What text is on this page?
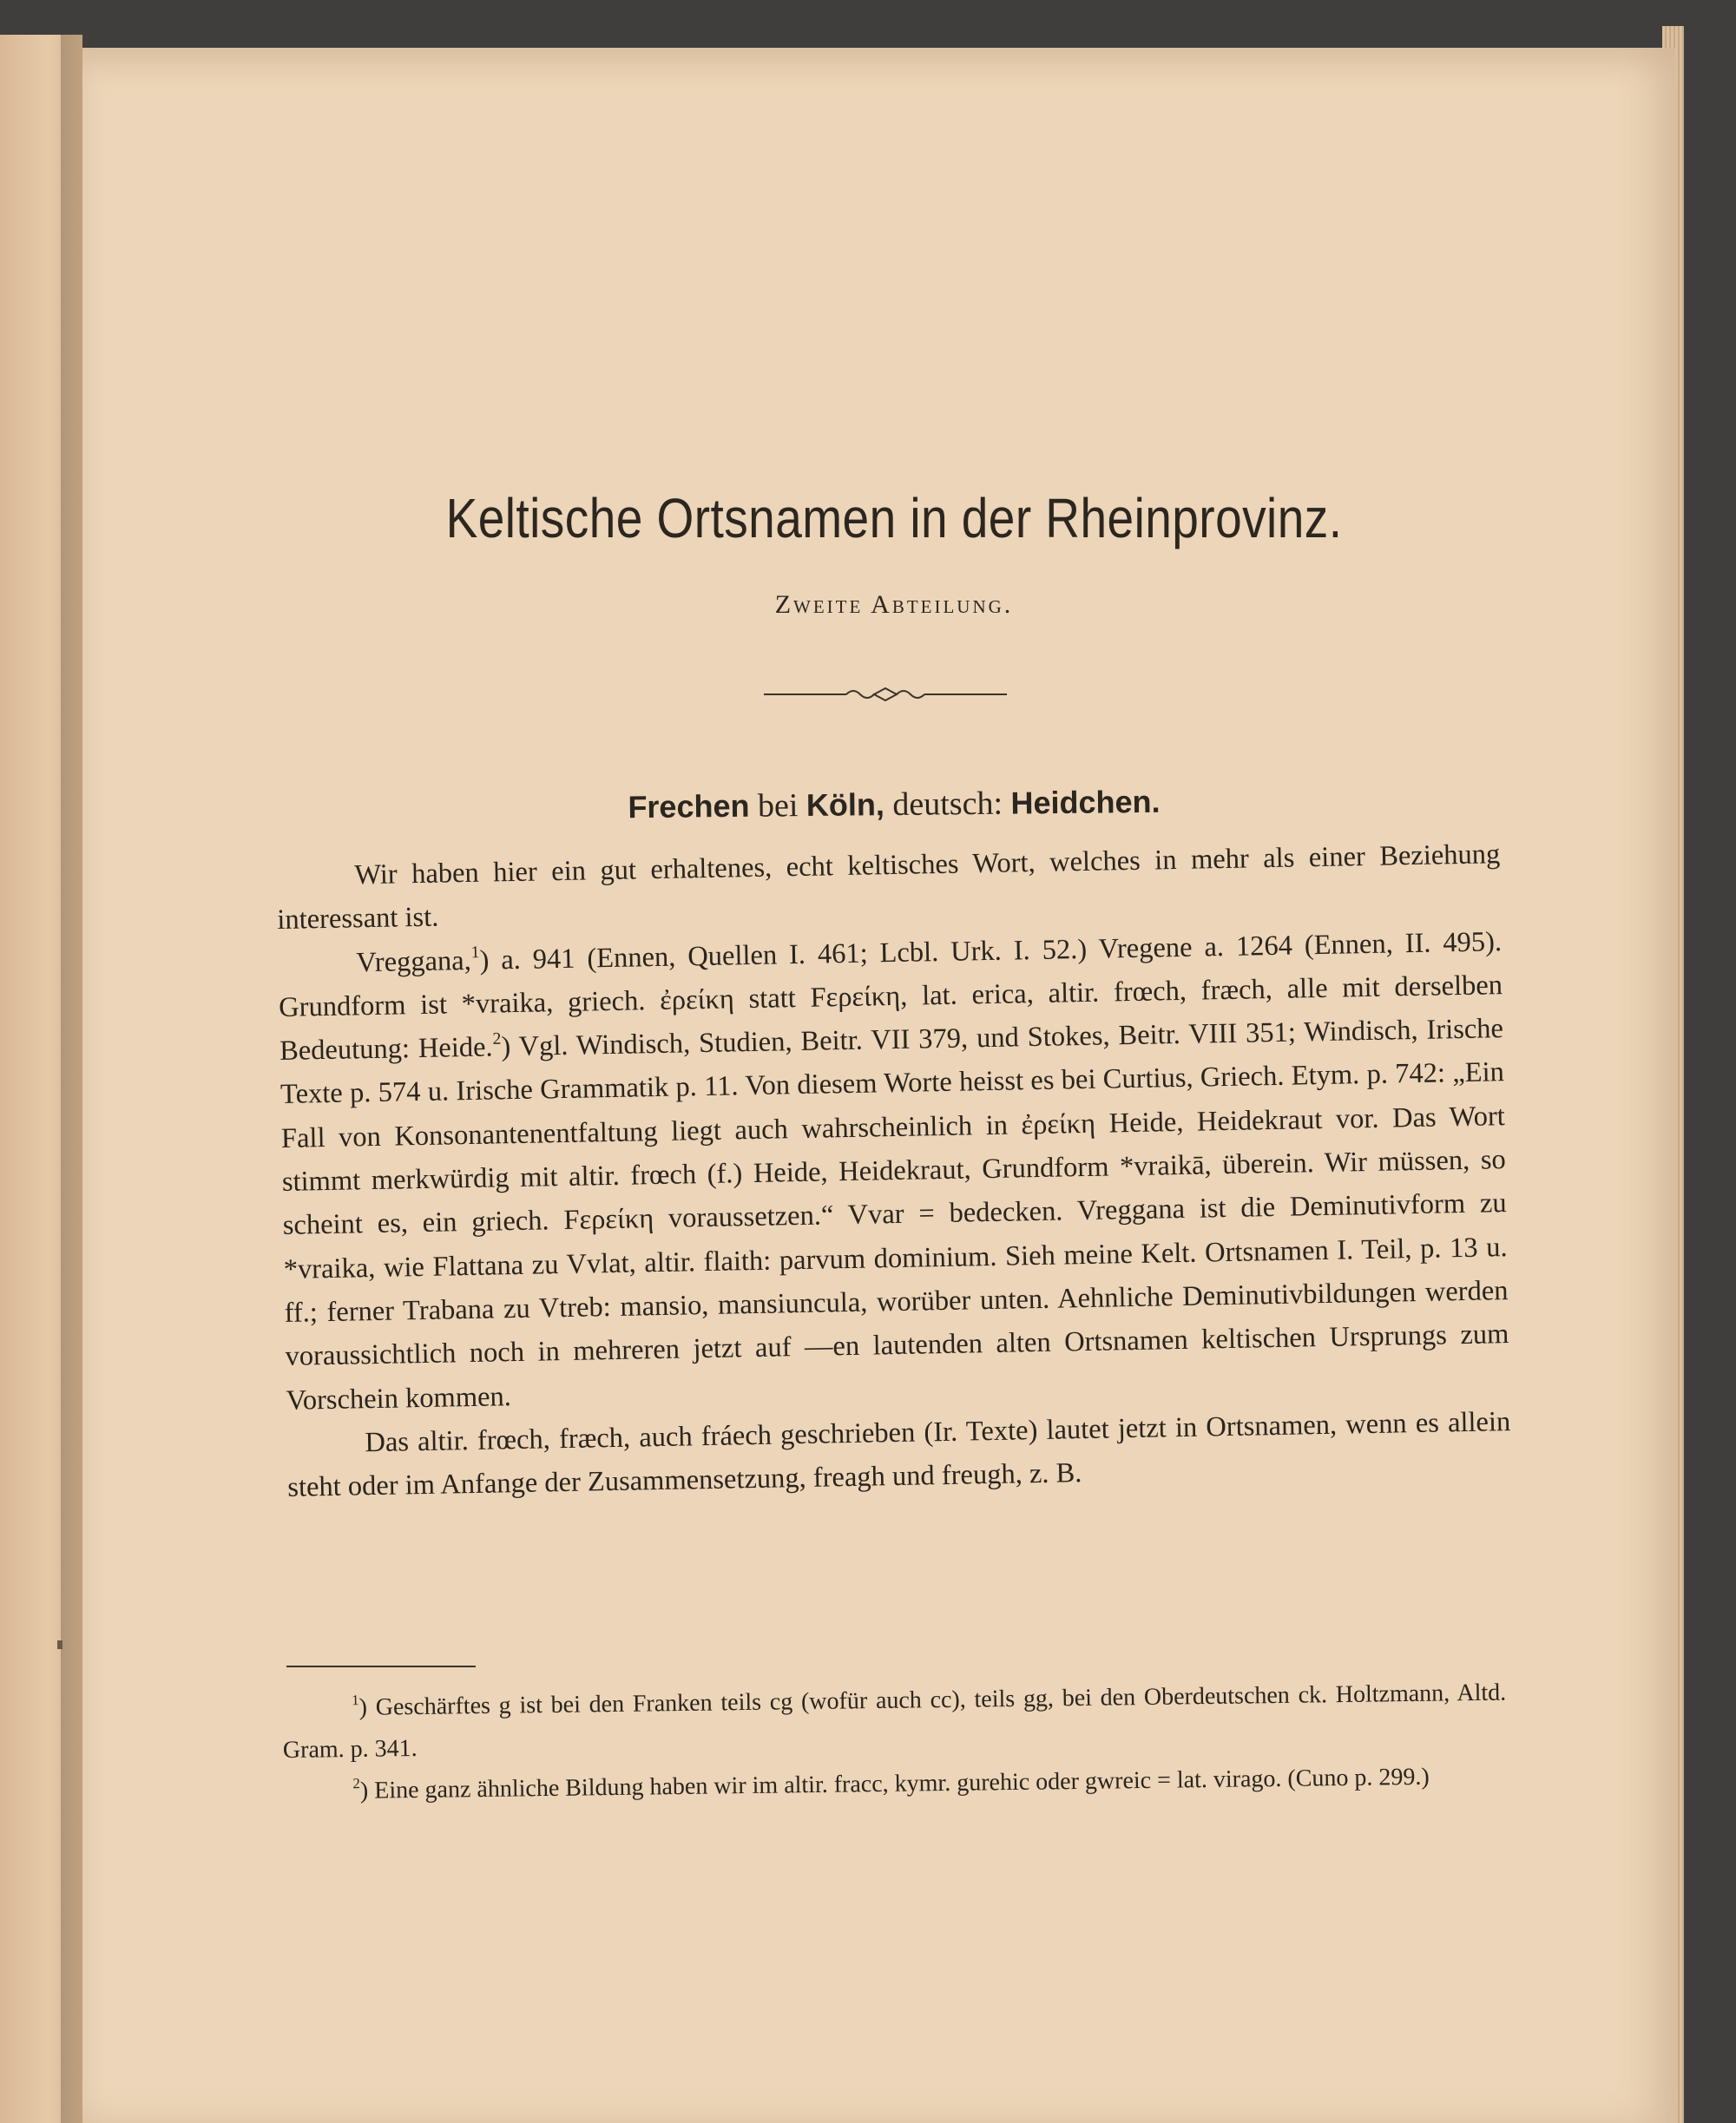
Keltische Ortsnamen in der Rheinprovinz.
Zweite Abteilung.
Frechen bei Köln, deutsch: Heidchen.

Wir haben hier ein gut erhaltenes, echt keltisches Wort, welches in mehr als einer Beziehung interessant ist.

Vreggana,$^1$) a. 941 (Ennen, Quellen I. 461; Lcbl. Urk. I. 52.) Vregene a. 1264 (Ennen, II. 495). Grundform ist *vraika, griech. ἐρείκη statt Fερείκη, lat. erica, altir. frœch, fræch, alle mit derselben Bedeutung: Heide.$^2$) Vgl. Windisch, Studien, Beitr. VII 379, und Stokes, Beitr. VIII 351; Windisch, Irische Texte p. 574 u. Irische Grammatik p. 11. Von diesem Worte heisst es bei Curtius, Griech. Etym. p. 742: „Ein Fall von Konsonantenentfaltung liegt auch wahrscheinlich in ἐρείκη Heide, Heidekraut vor. Das Wort stimmt merkwürdig mit altir. frœch (f.) Heide, Heidekraut, Grundform *vraikā, überein. Wir müssen, so scheint es, ein griech. Fερείκη voraussetzen.“ Vvar = bedecken. Vreggana ist die Deminutivform zu *vraika, wie Flattana zu Vvlat, altir. flaith: parvum dominium. Sieh meine Kelt. Ortsnamen I. Teil, p. 13 u. ff.; ferner Trabana zu Vtreb: mansio, mansiuncula, worüber unten. Aehnliche Deminutivbildungen werden voraussichtlich noch in mehreren jetzt auf —en lautenden alten Ortsnamen keltischen Ursprungs zum Vorschein kommen.

Das altir. frœch, fræch, auch fráech geschrieben (Ir. Texte) lautet jetzt in Ortsnamen, wenn es allein steht oder im Anfange der Zusammensetzung, freagh und freugh, z. B.

$^1$) Geschärftes g ist bei den Franken teils cg (wofür auch cc), teils gg, bei den Oberdeutschen ck. Holtzmann, Altd. Gram. p. 341.

$^2$) Eine ganz ähnliche Bildung haben wir im altir. fracc, kymr. gurehic oder gwreic = lat. virago. (Cuno p. 299.)
